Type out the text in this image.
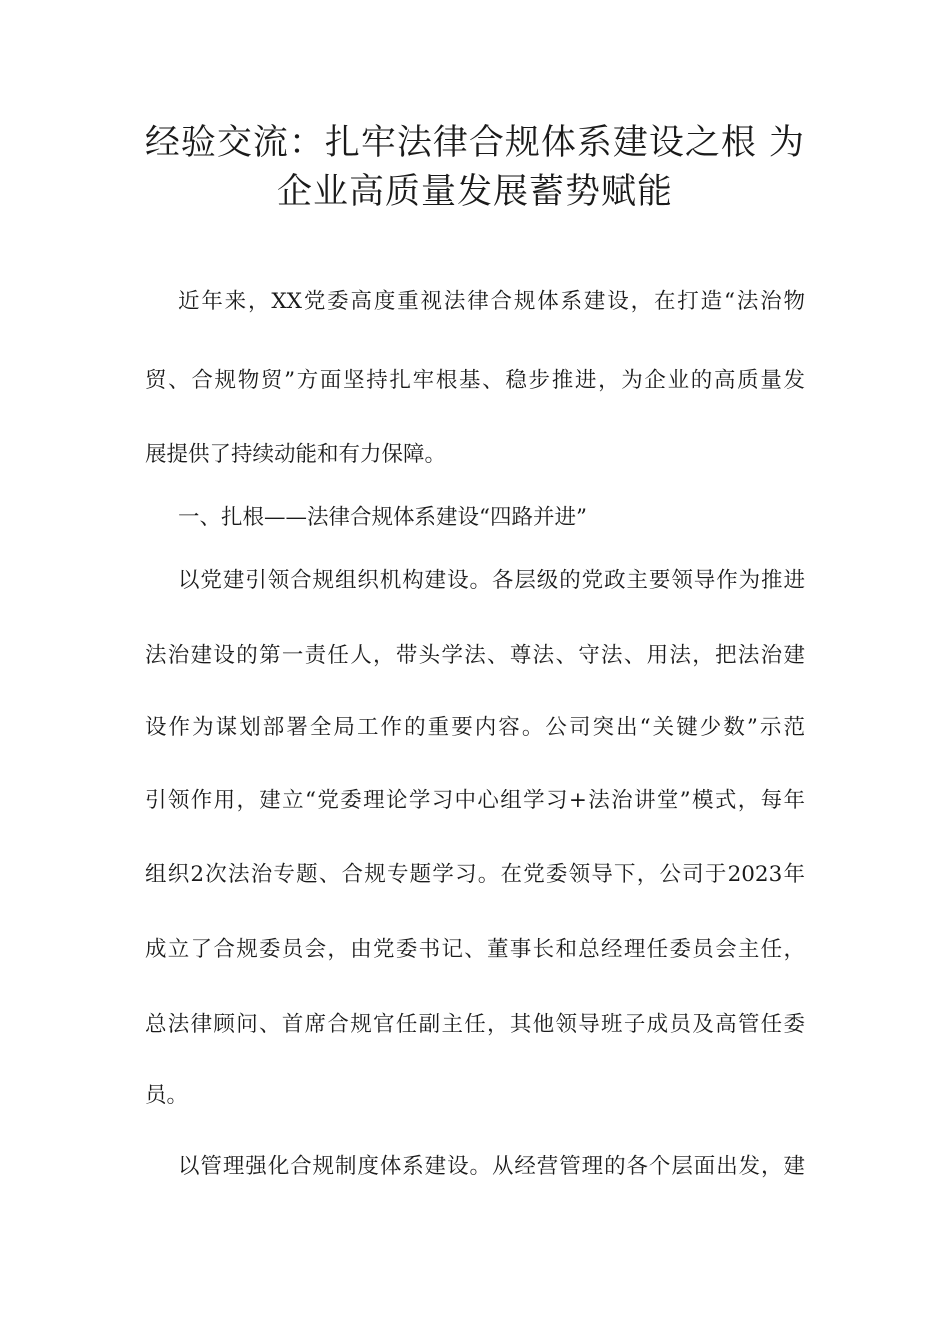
经验交流：扎牢法律合规体系建设之根 为
企业高质量发展蓄势赋能

近年来，XX党委高度重视法律合规体系建设，在打造“法治物

贸、合规物贸”方面坚持扎牢根基、稳步推进，为企业的高质量发

展提供了持续动能和有力保障。

一、扎根——法律合规体系建设“四路并进”

以党建引领合规组织机构建设。各层级的党政主要领导作为推进

法治建设的第一责任人，带头学法、尊法、守法、用法，把法治建

设作为谋划部署全局工作的重要内容。公司突出“关键少数”示范

引领作用，建立“党委理论学习中心组学习+法治讲堂”模式，每年

组织2次法治专题、合规专题学习。在党委领导下，公司于2023年

成立了合规委员会，由党委书记、董事长和总经理任委员会主任，

总法律顾问、首席合规官任副主任，其他领导班子成员及高管任委

员。

以管理强化合规制度体系建设。从经营管理的各个层面出发，建
